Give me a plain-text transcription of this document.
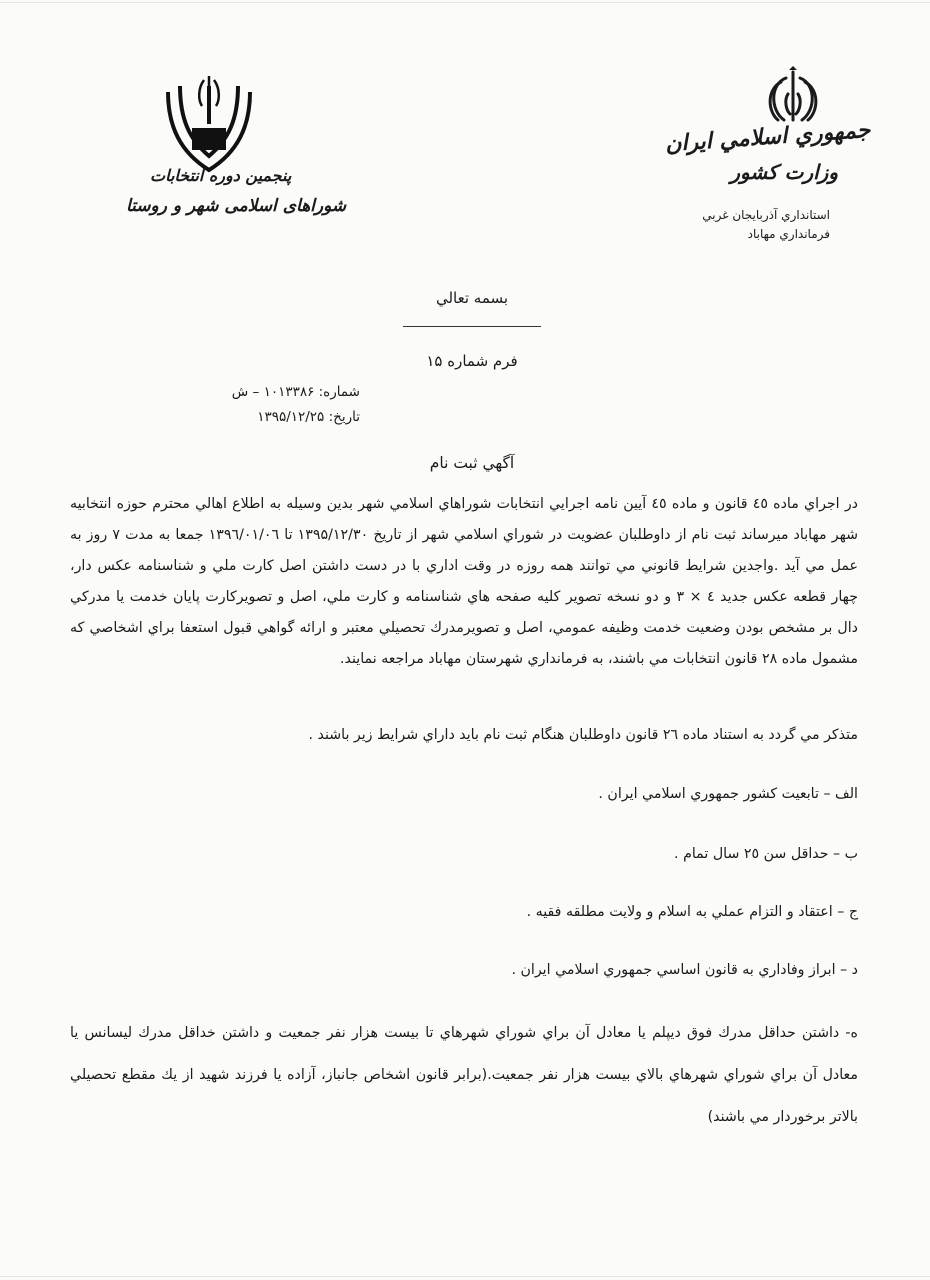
جمهوري اسلامي ايران
وزارت كشور
استانداري آذربايجان غربي
فرمانداري مهاباد
پنجمین دوره انتخابات
شوراهای اسلامی شهر و روستا
بسمه تعالي
فرم شماره ۱۵
شماره: ۱۰۱۳۳۸۶ – ش
تاريخ: ۱۳۹۵/۱۲/۲۵
آگهي ثبت نام
در اجراي ماده ٤٥ قانون و ماده ٤٥ آيين نامه اجرايي انتخابات شوراهاي اسلامي شهر بدين وسيله به اطلاع اهالي محترم حوزه انتخابيه شهر مهاباد ميرساند ثبت نام از داوطلبان عضويت در شوراي اسلامي شهر از تاريخ ۱۳۹۵/۱۲/۳۰ تا ۱۳۹٦/۰۱/۰٦ جمعا به مدت ۷ روز به عمل مي آيد .واجدين شرايط قانوني مي توانند همه روزه در وقت اداري با در دست داشتن اصل كارت ملي و شناسنامه عكس دار، چهار قطعه عكس جديد ٤ × ۳ و دو نسخه تصوير كليه صفحه هاي شناسنامه و كارت ملي، اصل و تصويركارت پايان خدمت يا مدركي دال بر مشخص بودن وضعيت خدمت وظيفه عمومي، اصل و تصويرمدرك تحصيلي معتبر و ارائه گواهي قبول استعفا براي اشخاصي كه مشمول ماده ۲۸ قانون انتخابات مي باشند، به فرمانداري شهرستان مهاباد مراجعه نمايند.
متذكر مي گردد به استناد ماده ٢٦ قانون داوطلبان هنگام ثبت نام بايد داراي شرايط زير باشند .
الف – تابعيت كشور جمهوري اسلامي ايران .
ب – حداقل سن ٢٥ سال تمام .
ج – اعتقاد و التزام عملي به اسلام و ولايت مطلقه فقيه .
د – ابراز وفاداري به قانون اساسي جمهوري اسلامي ايران .
ه- داشتن حداقل مدرك فوق ديپلم يا معادل آن براي شوراي شهرهاي تا بيست هزار نفر جمعيت و داشتن خداقل مدرك ليسانس يا معادل آن براي شوراي شهرهاي بالاي بيست هزار نفر جمعيت.(برابر قانون اشخاص جانباز، آزاده يا فرزند شهيد از يك مقطع تحصيلي بالاتر برخوردار مي باشند)
